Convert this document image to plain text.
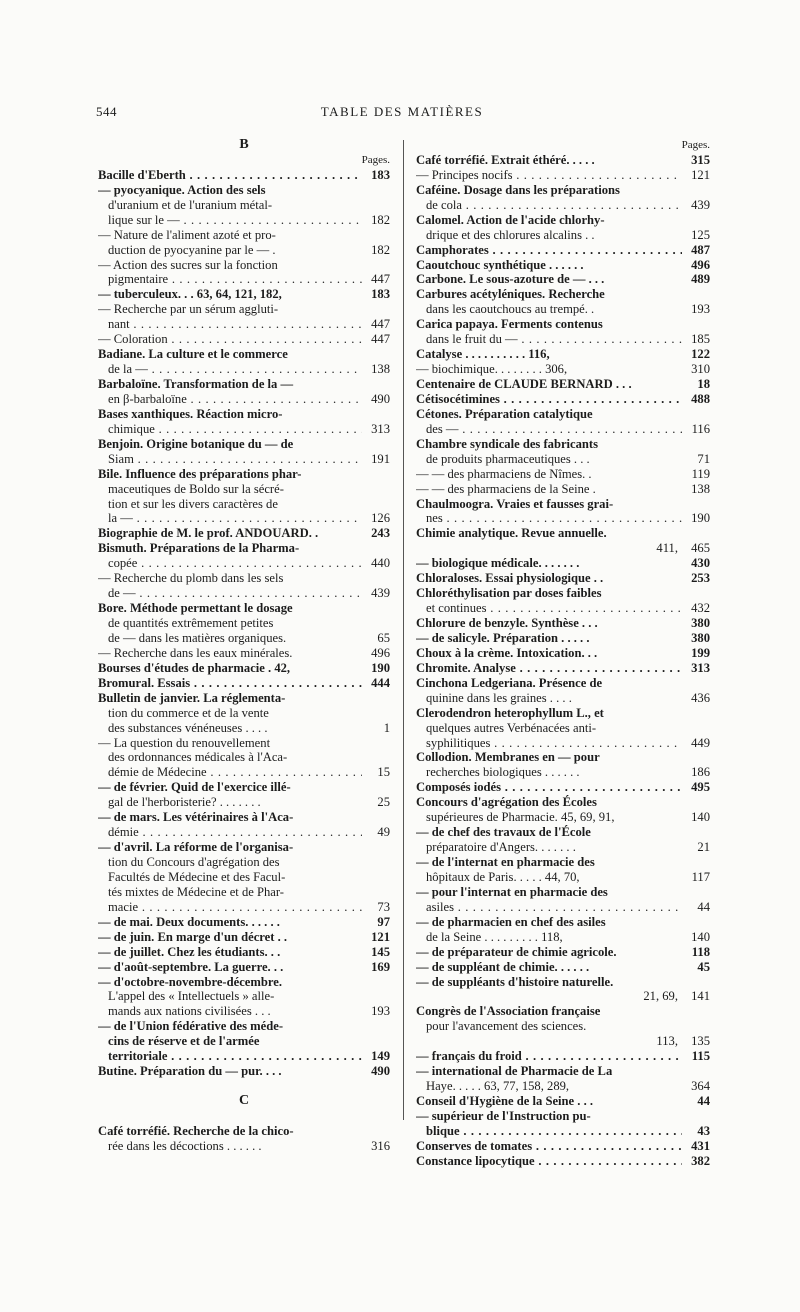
544	TABLE DES MATIÈRES
B
Pages.
Bacille d'Eberth . . .	183
— pyocyanique. Action des sels
d'uranium et de l'uranium métal-
lique sur le — . . .	182
— Nature de l'aliment azoté et pro-
duction de pyocyanine par le — .	182
— Action des sucres sur la fonction
pigmentaire . . .	447
— tuberculeux. . . 63, 64, 121, 182,	183
— Recherche par un sérum aggluti-
nant . . .	447
— Coloration . . .	447
Badiane. La culture et le commerce
de la — . . .	138
Barbaloïne. Transformation de la —
en β-barbaloïne . . .	490
Bases xanthiques. Réaction micro-
chimique . . .	313
Benjoin. Origine botanique du — de
Siam . . .	191
Bile. Influence des préparations phar-
maceutiques de Boldo sur la sécré-
tion et sur les divers caractères de
la — . . .	126
Biographie de M. le prof. ANDOUARD. .	243
Bismuth. Préparations de la Pharma-
copée . . .	440
— Recherche du plomb dans les sels
de — . . .	439
Bore. Méthode permettant le dosage
de quantités extrêmement petites
de — dans les matières organiques.	65
— Recherche dans les eaux minérales.	496
Bourses d'études de pharmacie . 42,	190
Bromural. Essais . . .	444
Bulletin de janvier. La réglementa-
tion du commerce et de la vente
des substances vénéneuses . . . .	1
— La question du renouvellement
des ordonnances médicales à l'Aca-
démie de Médecine . . .	15
— de février. Quid de l'exercice illé-
gal de l'herboristerie? . . . . . . .	25
— de mars. Les vétérinaires à l'Aca-
démie . . .	49
— d'avril. La réforme de l'organisa-
tion du Concours d'agrégation des
Facultés de Médecine et des Facul-
tés mixtes de Médecine et de Phar-
macie . . .	73
— de mai. Deux documents. . . . . .	97
— de juin. En marge d'un décret . .	121
— de juillet. Chez les étudiants. . .	145
— d'août-septembre. La guerre. . .	169
— d'octobre-novembre-décembre.
L'appel des « Intellectuels » alle-
mands aux nations civilisées . . .	193
— de l'Union fédérative des méde-
cins de réserve et de l'armée
territoriale . . .	149
Butine. Préparation du — pur. . . .	490
C
Café torréfié. Recherche de la chico-
rée dans les décoctions . . . . . .	316
Pages.
Café torréfié. Extrait éthéré. . . . .	315
— Principes nocifs . . .	121
Caféine. Dosage dans les préparations
de cola . . .	439
Calomel. Action de l'acide chlorhy-
drique et des chlorures alcalins . .	125
Camphorates . . .	487
Caoutchouc synthétique . . . . . .	496
Carbone. Le sous-azoture de — . . .	489
Carbures acétyléniques. Recherche
dans les caoutchoucs au trempé. .	193
Carica papaya. Ferments contenus
dans le fruit du — . . .	185
Catalyse . . . . . . . . . . 116,	122
— biochimique. . . . . . . . 306,	310
Centenaire de CLAUDE BERNARD . . .	18
Cétisocétimines . . .	488
Cétones. Préparation catalytique
des — . . .	116
Chambre syndicale des fabricants
de produits pharmaceutiques . . .	71
— — des pharmaciens de Nîmes. .	119
— — des pharmaciens de la Seine .	138
Chaulmoogra. Vraies et fausses grai-
nes . . .	190
Chimie analytique. Revue annuelle.
411, 465
— biologique médicale. . . . . . .	430
Chloraloses. Essai physiologique . .	253
Chloréthylisation par doses faibles
et continues . . .	432
Chlorure de benzyle. Synthèse . . .	380
— de salicyle. Préparation . . . . .	380
Choux à la crème. Intoxication. . .	199
Chromite. Analyse . . .	313
Cinchona Ledgeriana. Présence de
quinine dans les graines . . . .	436
Clerodendron heterophyllum L., et
quelques autres Verbénacées anti-
syphilitiques . . .	449
Collodion. Membranes en — pour
recherches biologiques . . . . . .	186
Composés iodés . . .	495
Concours d'agrégation des Écoles
supérieures de Pharmacie. 45, 69, 91,	140
— de chef des travaux de l'École
préparatoire d'Angers. . . . . . .	21
— de l'internat en pharmacie des
hôpitaux de Paris. . . . . 44, 70,	117
— pour l'internat en pharmacie des
asiles . . .	44
— de pharmacien en chef des asiles
de la Seine . . . . . . . . . 118,	140
— de préparateur de chimie agricole.	118
— de suppléant de chimie. . . . . .	45
— de suppléants d'histoire naturelle.
21, 69, 141
Congrès de l'Association française
pour l'avancement des sciences.
113, 135
— français du froid . . .	115
— international de Pharmacie de La
Haye. . . . . 63, 77, 158, 289,	364
Conseil d'Hygiène de la Seine . . .	44
— supérieur de l'Instruction pu-
blique . . .	43
Conserves de tomates . . .	431
Constance lipocytique . . .	382
